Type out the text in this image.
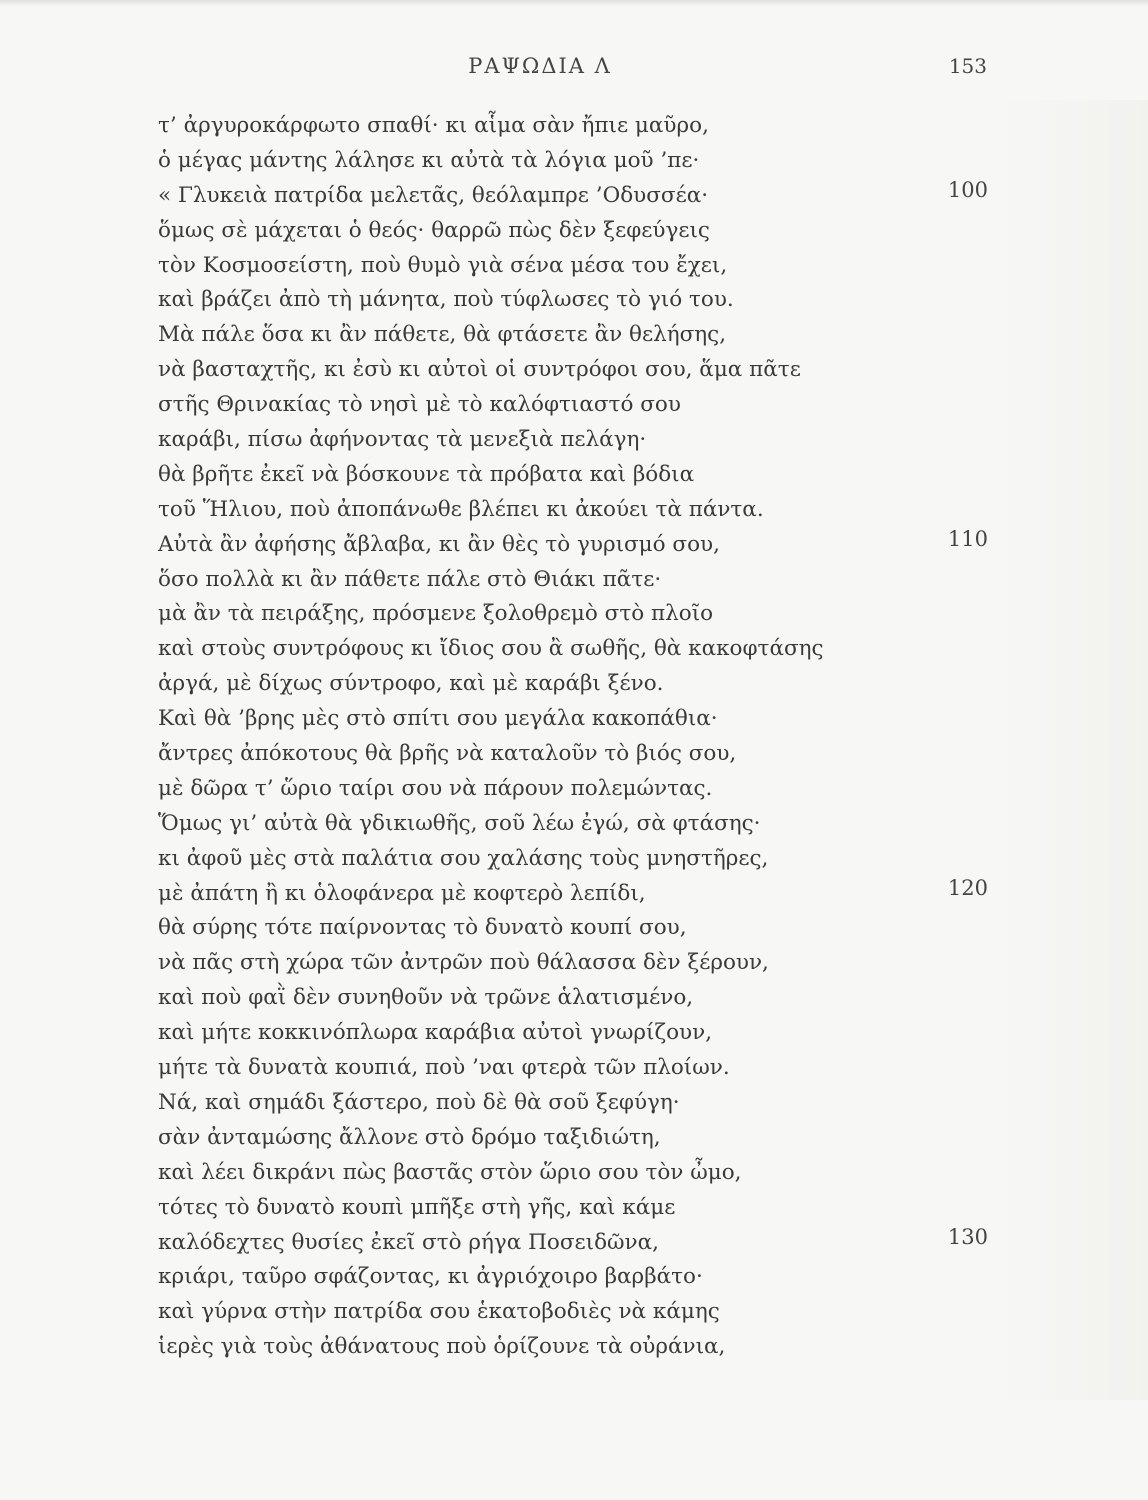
ΡΑΨΩΔΙΑ Λ	153
τ’ ἀργυροκάρφωτο σπαθί· κι αἷμα σὰν ἤπιε μαῦρο,
ὁ μέγας μάντης λάλησε κι αὐτὰ τὰ λόγια μοῦ ’πε·
« Γλυκειὰ πατρίδα μελετᾶς, θεόλαμπρε ’Οδυσσέα·	100
ὅμως σὲ μάχεται ὁ θεός· θαρρῶ πὼς δὲν ξεφεύγεις
τὸν Κοσμοσείστη, ποὺ θυμὸ γιὰ σένα μέσα του ἔχει,
καὶ βράζει ἀπὸ τὴ μάνητα, ποὺ τύφλωσες τὸ γιό του.
Μὰ πάλε ὅσα κι ἂν πάθετε, θὰ φτάσετε ἂν θελήσης,
νὰ βασταχτῆς, κι ἐσὺ κι αὐτοὶ οἱ συντρόφοι σου, ἅμα πᾶτε
στῆς Θρινακίας τὸ νησὶ μὲ τὸ καλόφτιαστό σου
καράβι, πίσω ἀφήνοντας τὰ μενεξιὰ πελάγη·
θὰ βρῆτε ἐκεῖ νὰ βόσκουνε τὰ πρόβατα καὶ βόδια
τοῦ Ἥλιου, ποὺ ἀποπάνωθε βλέπει κι ἀκούει τὰ πάντα.
Αὐτὰ ἂν ἀφήσης ἄβλαβα, κι ἂν θὲς τὸ γυρισμό σου,	110
ὅσο πολλὰ κι ἂν πάθετε πάλε στὸ Θιάκι πᾶτε·
μὰ ἂν τὰ πειράξης, πρόσμενε ξολοθρεμὸ στὸ πλοῖο
καὶ στοὺς συντρόφους κι ἴδιος σου ἂ σωθῆς, θὰ κακοφτάσης
ἀργά, μὲ δίχως σύντροφο, καὶ μὲ καράβι ξένο.
Καὶ θὰ ’βρης μὲς στὸ σπίτι σου μεγάλα κακοπάθια·
ἄντρες ἀπόκοτους θὰ βρῆς νὰ καταλοῦν τὸ βιός σου,
μὲ δῶρα τ’ ὥριο ταίρι σου νὰ πάρουν πολεμώντας.
Ὅμως γι’ αὐτὰ θὰ γδικιωθῆς, σοῦ λέω ἐγώ, σὰ φτάσης·
κι ἀφοῦ μὲς στὰ παλάτια σου χαλάσης τοὺς μνηστῆρες,
μὲ ἀπάτη ἢ κι ὁλοφάνερα μὲ κοφτερὸ λεπίδι,	120
θὰ σύρης τότε παίρνοντας τὸ δυνατὸ κουπί σου,
νὰ πᾶς στὴ χώρα τῶν ἀντρῶν ποὺ θάλασσα δὲν ξέρουν,
καὶ ποὺ φαῒ δὲν συνηθοῦν νὰ τρῶνε ἁλατισμένο,
καὶ μήτε κοκκινόπλωρα καράβια αὐτοὶ γνωρίζουν,
μήτε τὰ δυνατὰ κουπιά, ποὺ ’ναι φτερὰ τῶν πλοίων.
Νά, καὶ σημάδι ξάστερο, ποὺ δὲ θὰ σοῦ ξεφύγη·
σὰν ἀνταμώσης ἄλλονε στὸ δρόμο ταξιδιώτη,
καὶ λέει δικράνι πὼς βαστᾶς στὸν ὥριο σου τὸν ὦμο,
τότες τὸ δυνατὸ κουπὶ μπῆξε στὴ γῆς, καὶ κάμε
καλόδεχτες θυσίες ἐκεῖ στὸ ρήγα Ποσειδῶνα,	130
κριάρι, ταῦρο σφάζοντας, κι ἀγριόχοιρο βαρβάτο·
καὶ γύρνα στὴν πατρίδα σου ἑκατοβοδιὲς νὰ κάμης
ἱερὲς γιὰ τοὺς ἀθάνατους ποὺ ὁρίζουνε τὰ οὐράνια,
